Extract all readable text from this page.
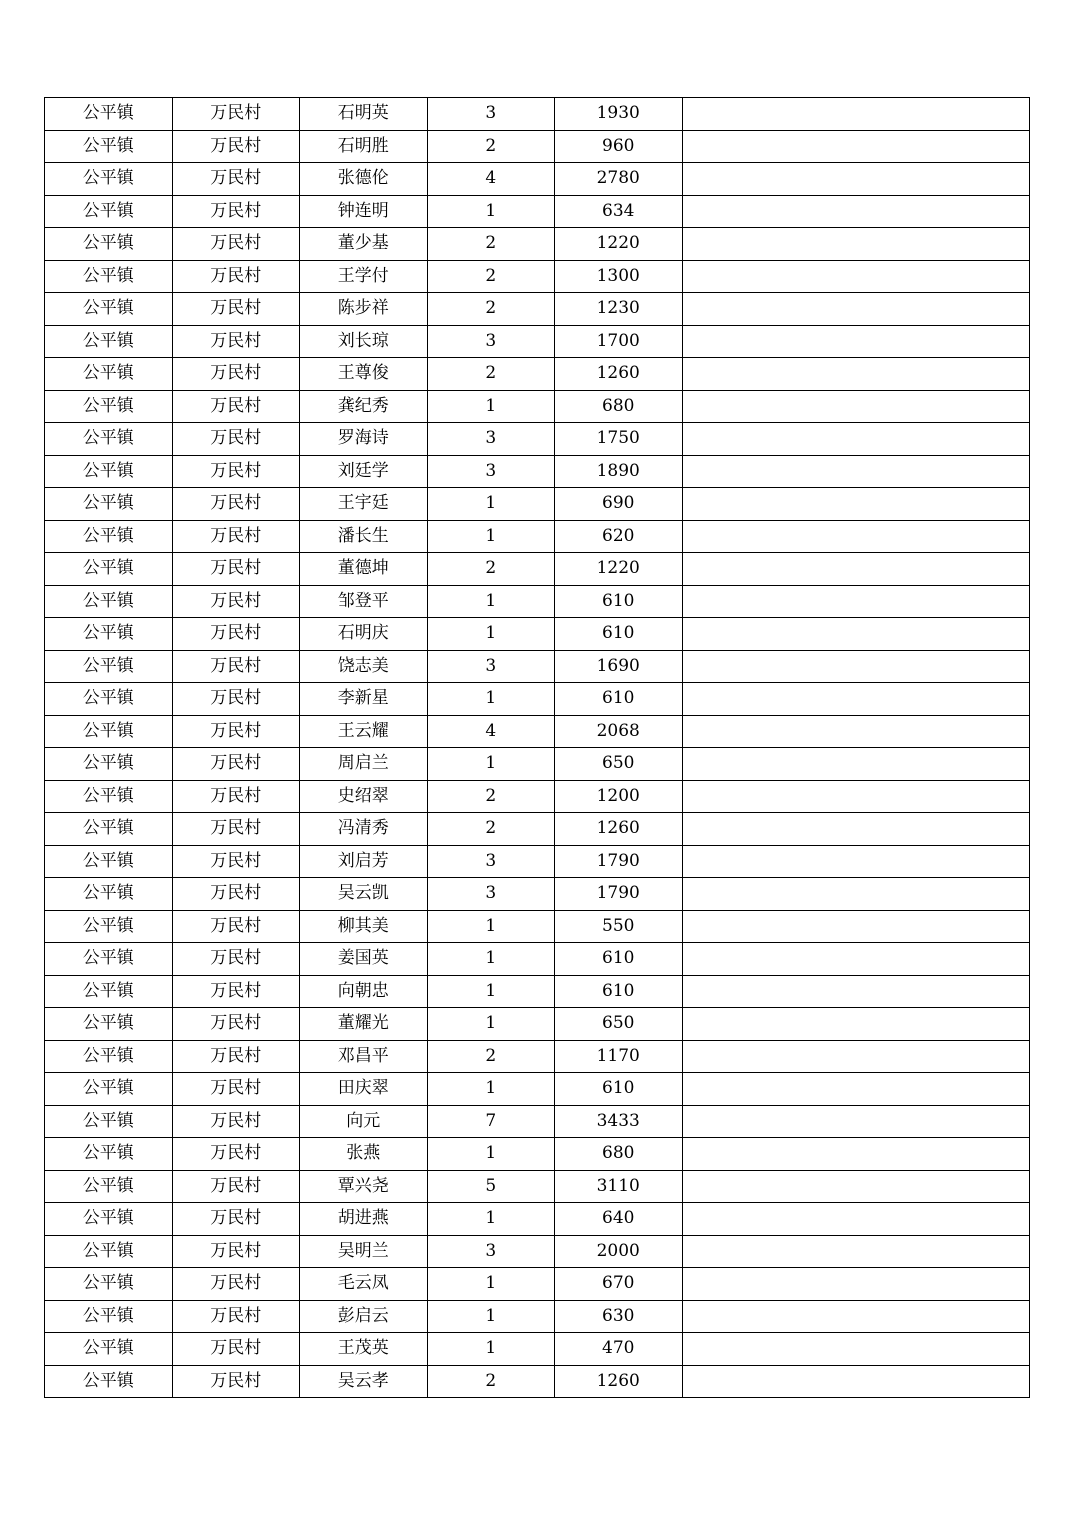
公平镇	万民村	石明英	3	1930	
公平镇	万民村	石明胜	2	960	
公平镇	万民村	张德伦	4	2780	
公平镇	万民村	钟连明	1	634	
公平镇	万民村	董少基	2	1220	
公平镇	万民村	王学付	2	1300	
公平镇	万民村	陈步祥	2	1230	
公平镇	万民村	刘长琼	3	1700	
公平镇	万民村	王尊俊	2	1260	
公平镇	万民村	龚纪秀	1	680	
公平镇	万民村	罗海诗	3	1750	
公平镇	万民村	刘廷学	3	1890	
公平镇	万民村	王宇廷	1	690	
公平镇	万民村	潘长生	1	620	
公平镇	万民村	董德坤	2	1220	
公平镇	万民村	邹登平	1	610	
公平镇	万民村	石明庆	1	610	
公平镇	万民村	饶志美	3	1690	
公平镇	万民村	李新星	1	610	
公平镇	万民村	王云耀	4	2068	
公平镇	万民村	周启兰	1	650	
公平镇	万民村	史绍翠	2	1200	
公平镇	万民村	冯清秀	2	1260	
公平镇	万民村	刘启芳	3	1790	
公平镇	万民村	吴云凯	3	1790	
公平镇	万民村	柳其美	1	550	
公平镇	万民村	姜国英	1	610	
公平镇	万民村	向朝忠	1	610	
公平镇	万民村	董耀光	1	650	
公平镇	万民村	邓昌平	2	1170	
公平镇	万民村	田庆翠	1	610	
公平镇	万民村	向元	7	3433	
公平镇	万民村	张燕	1	680	
公平镇	万民村	覃兴尧	5	3110	
公平镇	万民村	胡进燕	1	640	
公平镇	万民村	吴明兰	3	2000	
公平镇	万民村	毛云凤	1	670	
公平镇	万民村	彭启云	1	630	
公平镇	万民村	王茂英	1	470	
公平镇	万民村	吴云孝	2	1260	
